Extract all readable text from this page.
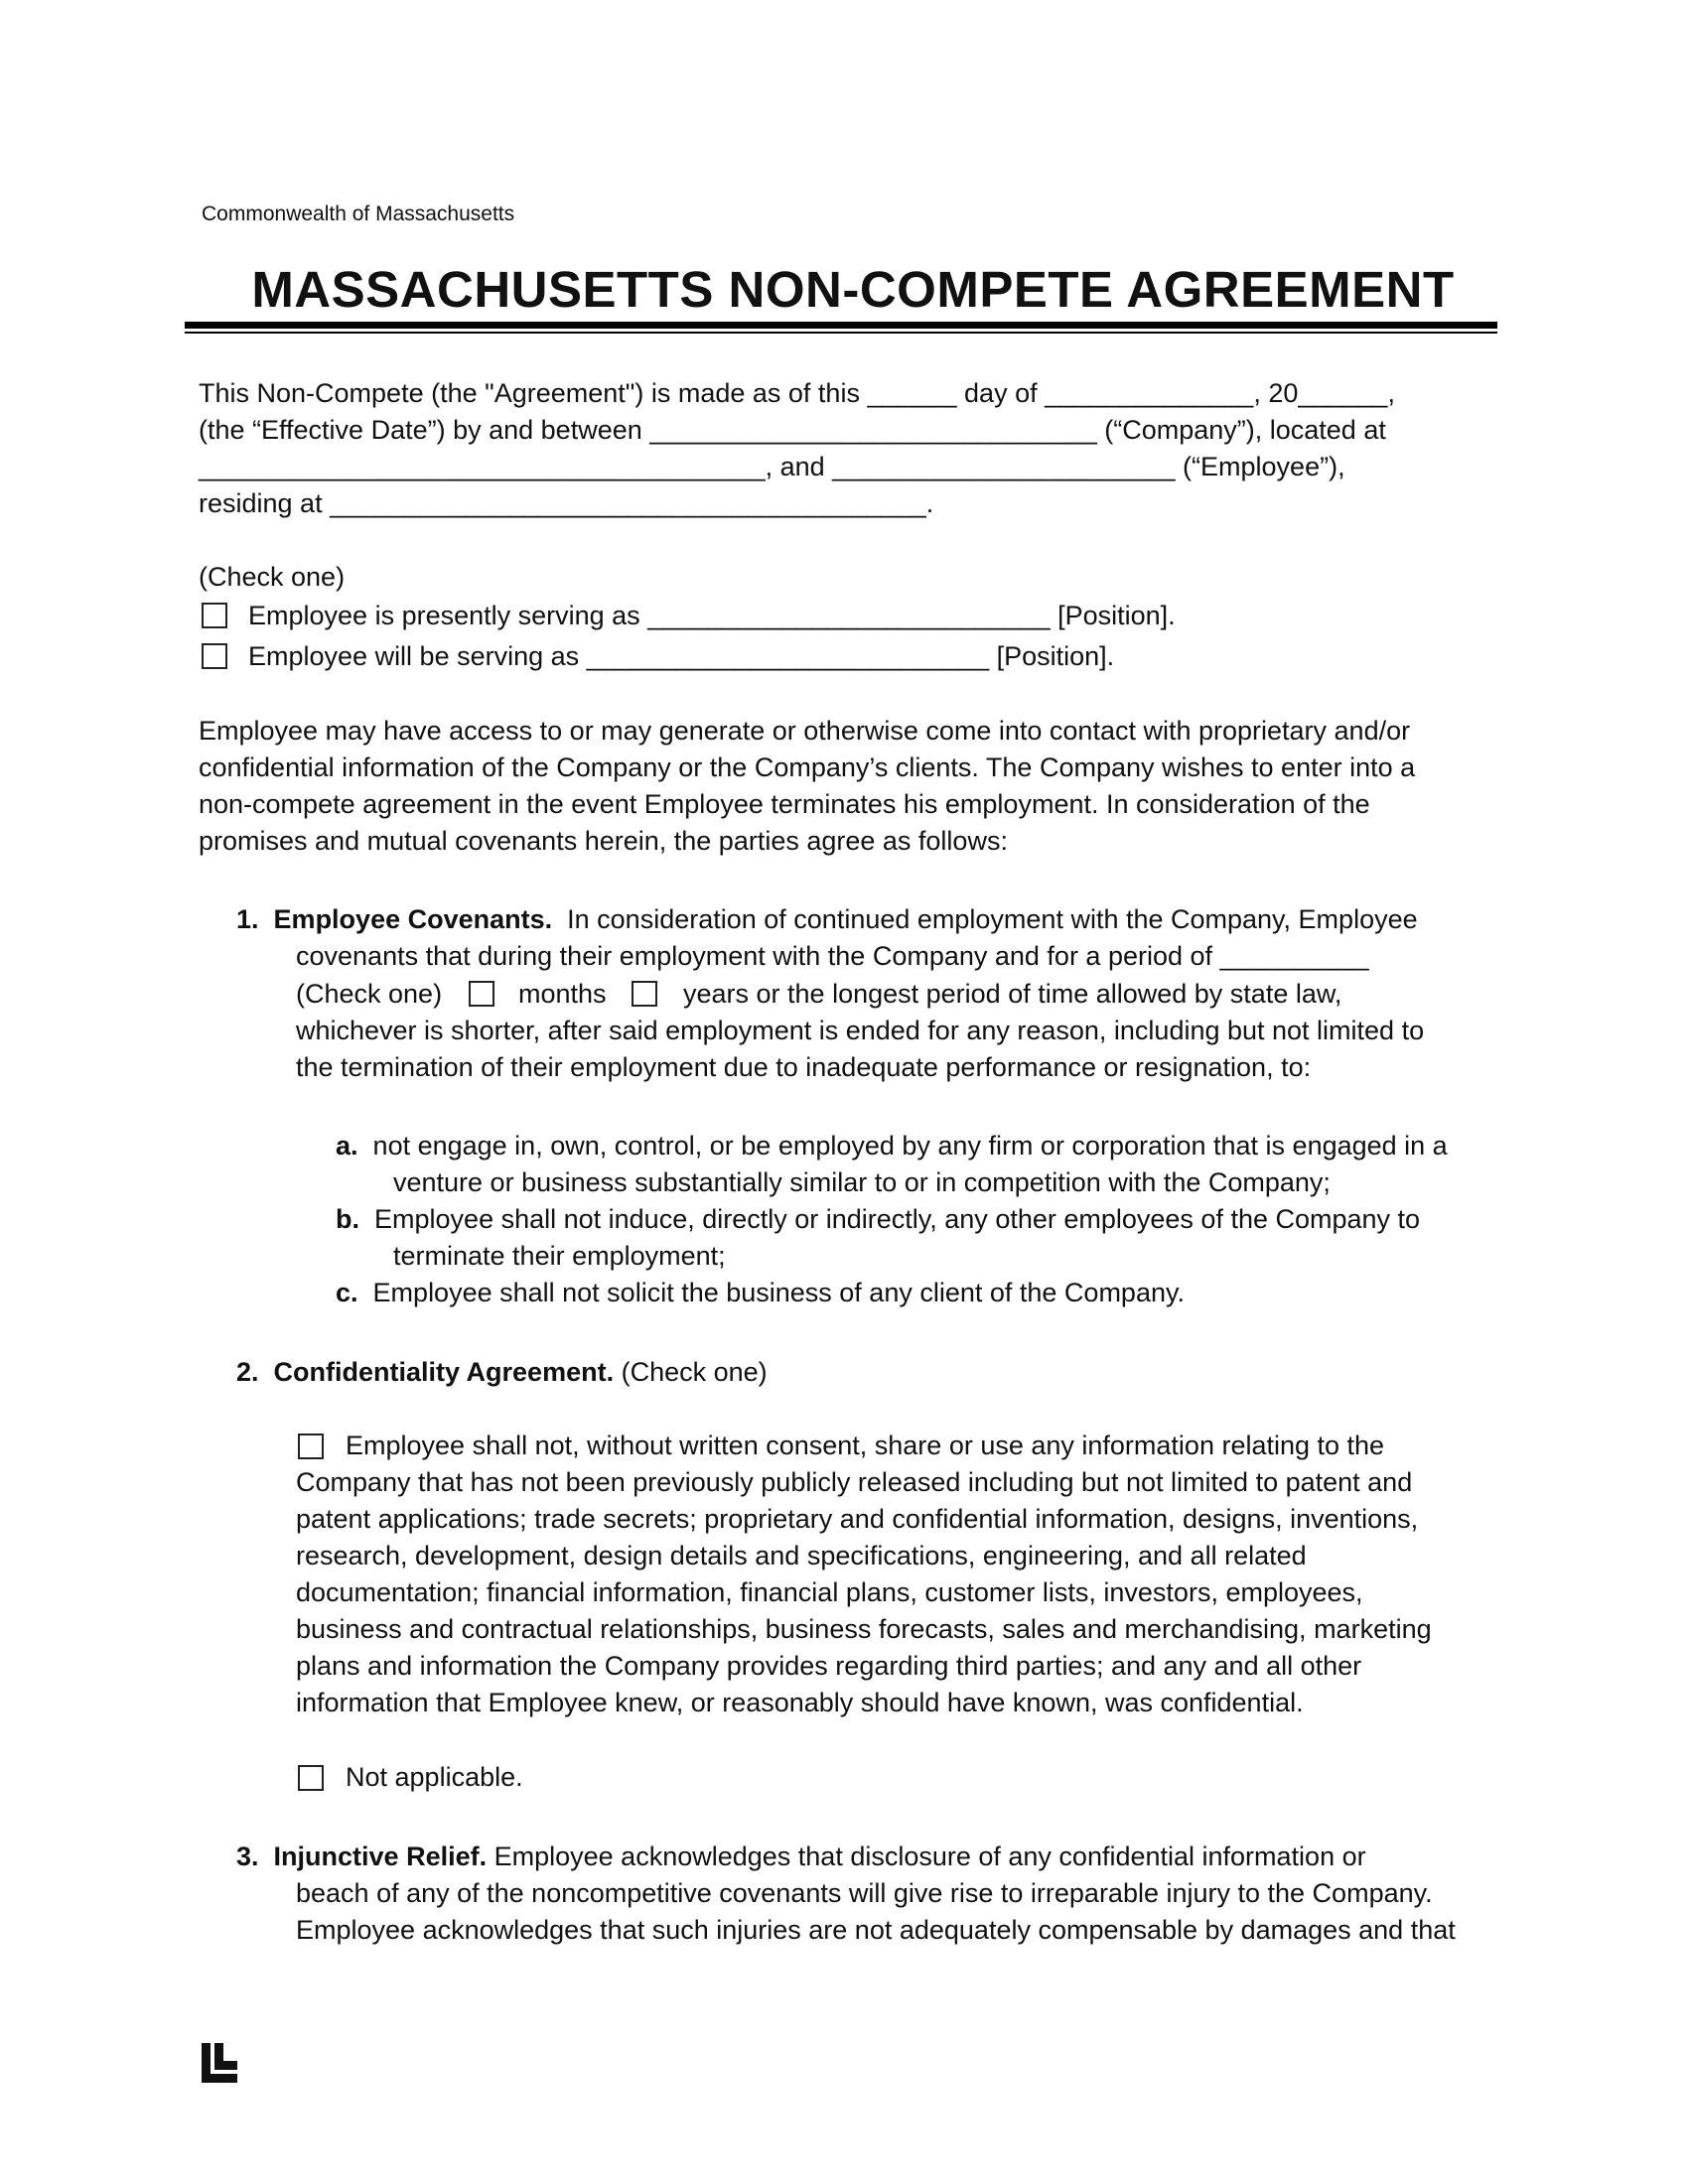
Commonwealth of Massachusetts
MASSACHUSETTS NON-COMPETE AGREEMENT
This Non-Compete (the "Agreement") is made as of this ______ day of ______________, 20______,
(the “Effective Date”) by and between ______________________________ (“Company”), located at
______________________________________, and _______________________ (“Employee”),
residing at ________________________________________.
(Check one)
Employee is presently serving as ___________________________ [Position].
Employee will be serving as ___________________________ [Position].
Employee may have access to or may generate or otherwise come into contact with proprietary and/or
confidential information of the Company or the Company’s clients. The Company wishes to enter into a
non-compete agreement in the event Employee terminates his employment. In consideration of the
promises and mutual covenants herein, the parties agree as follows:
1. Employee Covenants.  In consideration of continued employment with the Company, Employee
covenants that during their employment with the Company and for a period of __________
(Check one)	months	years or the longest period of time allowed by state law,
whichever is shorter, after said employment is ended for any reason, including but not limited to
the termination of their employment due to inadequate performance or resignation, to:
a. not engage in, own, control, or be employed by any firm or corporation that is engaged in a
venture or business substantially similar to or in competition with the Company;
b. Employee shall not induce, directly or indirectly, any other employees of the Company to
terminate their employment;
c. Employee shall not solicit the business of any client of the Company.
2. Confidentiality Agreement. (Check one)
Employee shall not, without written consent, share or use any information relating to the
Company that has not been previously publicly released including but not limited to patent and
patent applications; trade secrets; proprietary and confidential information, designs, inventions,
research, development, design details and specifications, engineering, and all related
documentation; financial information, financial plans, customer lists, investors, employees,
business and contractual relationships, business forecasts, sales and merchandising, marketing
plans and information the Company provides regarding third parties; and any and all other
information that Employee knew, or reasonably should have known, was confidential.
Not applicable.
3. Injunctive Relief. Employee acknowledges that disclosure of any confidential information or
beach of any of the noncompetitive covenants will give rise to irreparable injury to the Company.
Employee acknowledges that such injuries are not adequately compensable by damages and that
